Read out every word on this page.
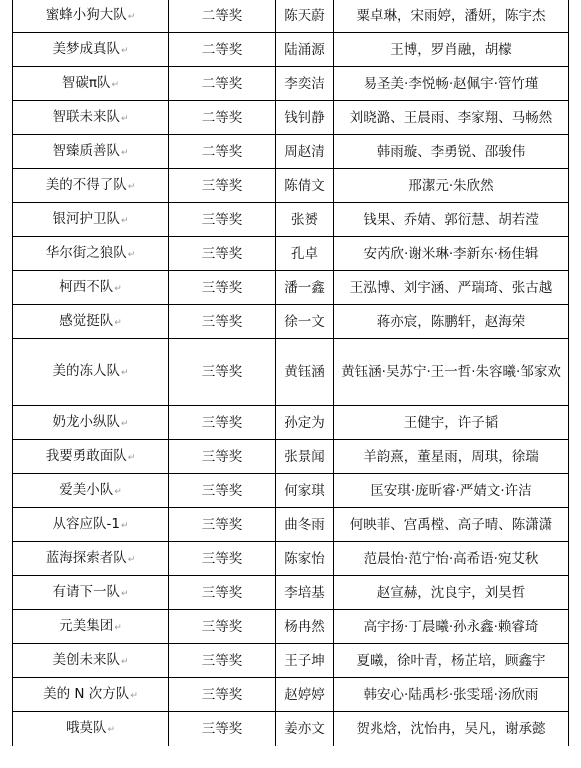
蜜蜂小狗大队↵	二等奖	陈天蔚	粟卓琳，宋雨婷，潘妍，陈宇杰
美梦成真队↵	二等奖	陆涌源	王博，罗肖融，胡檬
智碳π队↵	二等奖	李奕洁	易圣美·李悦畅·赵佩宇·管竹瑾
智联未来队↵	二等奖	钱钊静	刘晓潞、王晨雨、李家翔、马畅然
智臻质善队↵	二等奖	周赵清	韩雨璇、李勇锐、邵骏伟
美的不得了队↵	三等奖	陈倩文	邢潔元·朱欣然
银河护卫队↵	三等奖	张赟	钱果、乔婧、郭衍慧、胡若滢
华尔街之狼队↵	三等奖	孔卓	安芮欣·谢米琳·李新东·杨佳辑
柯西不队↵	三等奖	潘一鑫	王泓博、刘宇涵、严瑞琦、张古越
感觉挺队↵	三等奖	徐一文	蒋亦宸，陈鹏轩，赵海荣
美的冻人队↵	三等奖	黄钰涵	黄钰涵·吴苏宁·王一哲·朱容曦·邹家欢
奶龙小纵队↵	三等奖	孙定为	王健宇，许子韬
我要勇敢面队↵	三等奖	张景闻	羊韵熹，董星雨，周琪，徐瑞
爱美小队↵	三等奖	何家琪	匡安琪·庞昕睿·严婧文·许洁
从容应队-1↵	三等奖	曲冬雨	何映菲、宫禹樘、高子晴、陈潇潇
蓝海探索者队↵	三等奖	陈家怡	范晨怡·范宁怡·高希语·宛艾秋
有请下一队↵	三等奖	李培基	赵宣赫，沈良宇，刘昊哲
元美集团↵	三等奖	杨冉然	高宇扬·丁晨曦·孙永鑫·赖睿琦
美创未来队↵	三等奖	王子坤	夏曦，徐叶青，杨芷培，顾鑫宇
美的 N 次方队↵	三等奖	赵婷婷	韩安心·陆禹杉·张雯瑶·汤欣雨
哦莫队↵	三等奖	姜亦文	贺兆焓，沈怡冉，吴凡，谢承懿
